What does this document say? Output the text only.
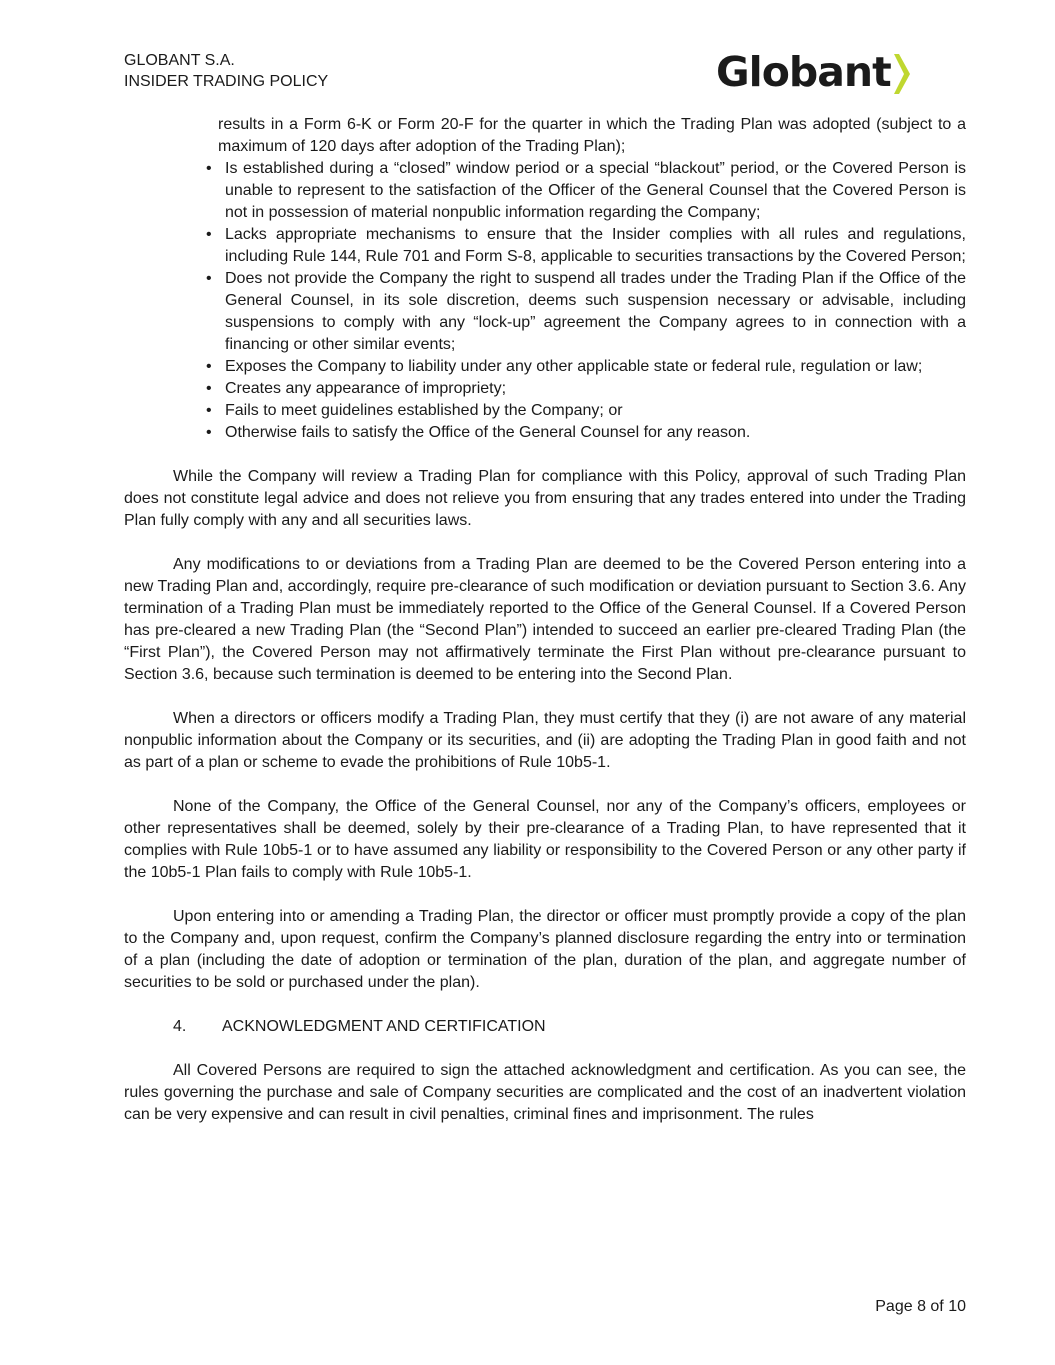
GLOBANT S.A.
INSIDER TRADING POLICY	Globant

results in a Form 6-K or Form 20-F for the quarter in which the Trading Plan was adopted (subject to a maximum of 120 days after adoption of the Trading Plan);

• Is established during a “closed” window period or a special “blackout” period, or the Covered Person is unable to represent to the satisfaction of the Officer of the General Counsel that the Covered Person is not in possession of material nonpublic information regarding the Company;
• Lacks appropriate mechanisms to ensure that the Insider complies with all rules and regulations, including Rule 144, Rule 701 and Form S-8, applicable to securities transactions by the Covered Person;
• Does not provide the Company the right to suspend all trades under the Trading Plan if the Office of the General Counsel, in its sole discretion, deems such suspension necessary or advisable, including suspensions to comply with any “lock-up” agreement the Company agrees to in connection with a financing or other similar events;
• Exposes the Company to liability under any other applicable state or federal rule, regulation or law;
• Creates any appearance of impropriety;
• Fails to meet guidelines established by the Company; or
• Otherwise fails to satisfy the Office of the General Counsel for any reason.

While the Company will review a Trading Plan for compliance with this Policy, approval of such Trading Plan does not constitute legal advice and does not relieve you from ensuring that any trades entered into under the Trading Plan fully comply with any and all securities laws.

Any modifications to or deviations from a Trading Plan are deemed to be the Covered Person entering into a new Trading Plan and, accordingly, require pre-clearance of such modification or deviation pursuant to Section 3.6. Any termination of a Trading Plan must be immediately reported to the Office of the General Counsel. If a Covered Person has pre-cleared a new Trading Plan (the “Second Plan”) intended to succeed an earlier pre-cleared Trading Plan (the “First Plan”), the Covered Person may not affirmatively terminate the First Plan without pre-clearance pursuant to Section 3.6, because such termination is deemed to be entering into the Second Plan.

When a directors or officers modify a Trading Plan, they must certify that they (i) are not aware of any material nonpublic information about the Company or its securities, and (ii) are adopting the Trading Plan in good faith and not as part of a plan or scheme to evade the prohibitions of Rule 10b5-1.

None of the Company, the Office of the General Counsel, nor any of the Company’s officers, employees or other representatives shall be deemed, solely by their pre-clearance of a Trading Plan, to have represented that it complies with Rule 10b5-1 or to have assumed any liability or responsibility to the Covered Person or any other party if the 10b5-1 Plan fails to comply with Rule 10b5-1.

Upon entering into or amending a Trading Plan, the director or officer must promptly provide a copy of the plan to the Company and, upon request, confirm the Company’s planned disclosure regarding the entry into or termination of a plan (including the date of adoption or termination of the plan, duration of the plan, and aggregate number of securities to be sold or purchased under the plan).

4.	ACKNOWLEDGMENT AND CERTIFICATION

All Covered Persons are required to sign the attached acknowledgment and certification. As you can see, the rules governing the purchase and sale of Company securities are complicated and the cost of an inadvertent violation can be very expensive and can result in civil penalties, criminal fines and imprisonment. The rules

Page 8 of 10
